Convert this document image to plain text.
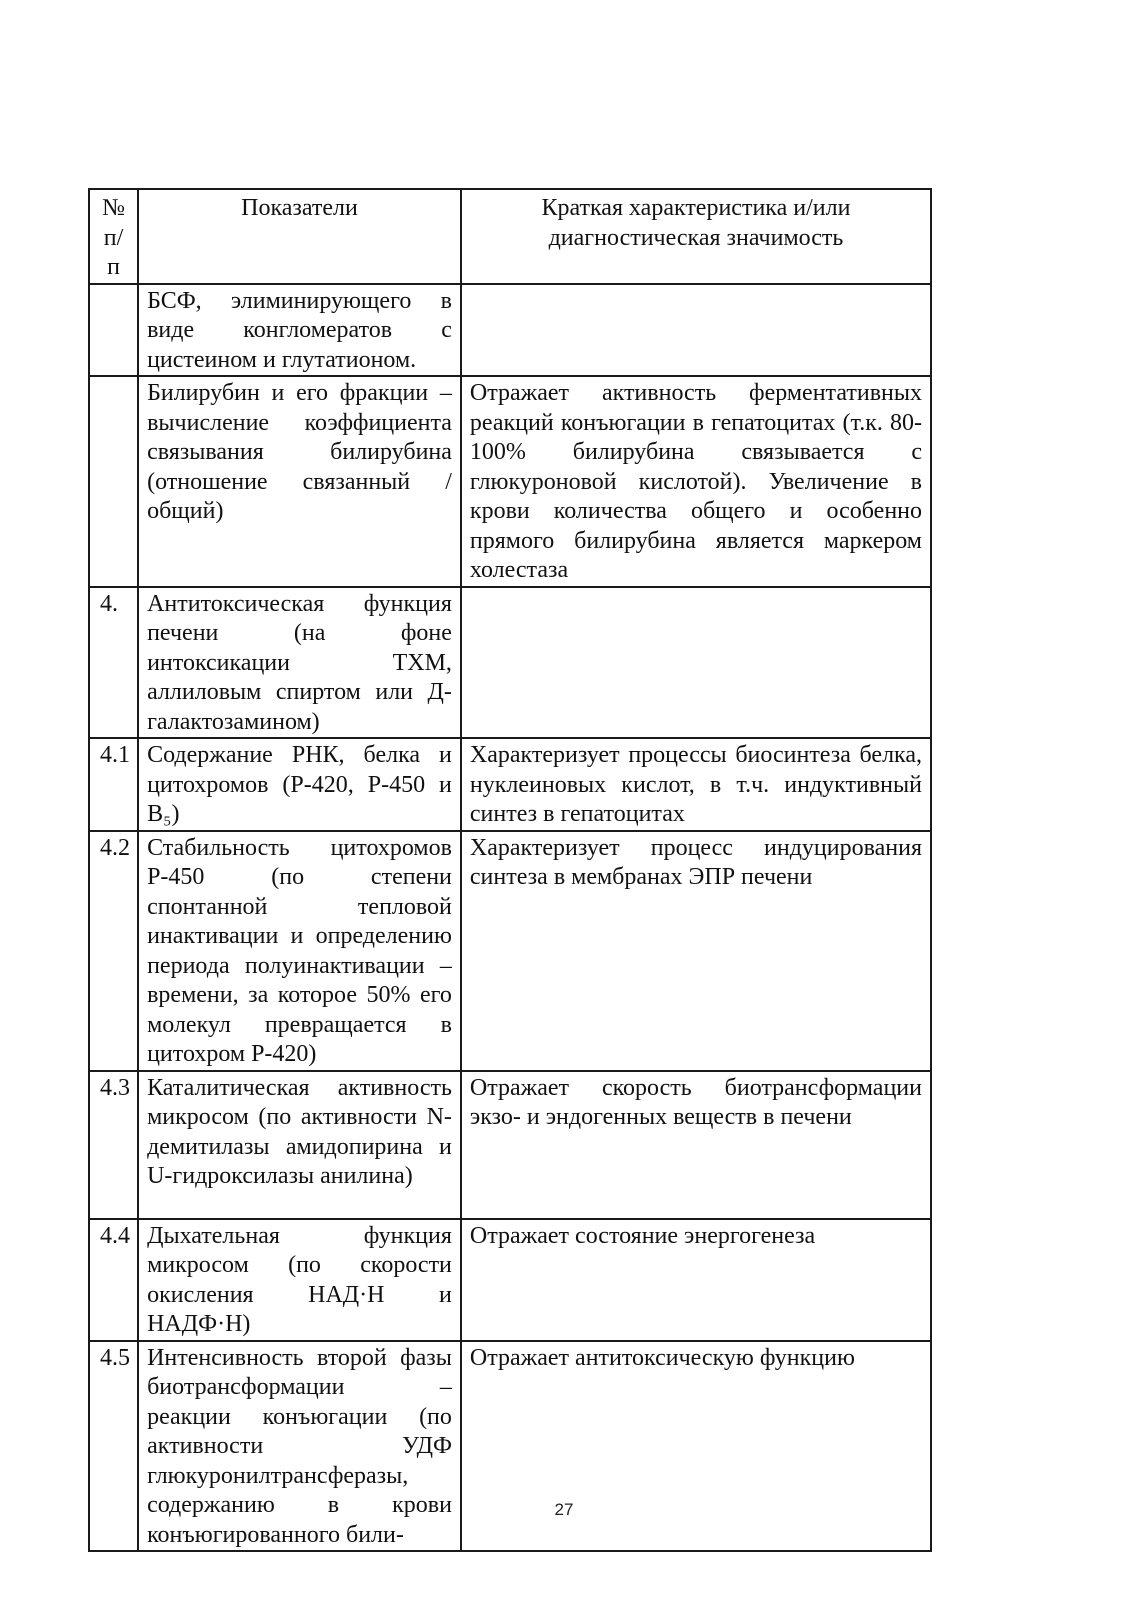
№ п/п	Показатели	Краткая характеристика и/или диагностическая значимость
	БСФ, элиминирующего в виде конгломератов с цистеином и глутатионом.	
	Билирубин и его фракции – вычисление коэффициента связывания билирубина (отношение связанный / общий)	Отражает активность ферментативных реакций конъюгации в гепатоцитах (т.к. 80-100% билирубина связывается с глюкуроновой кислотой). Увеличение в крови количества общего и особенно прямого билирубина является маркером холестаза
4.	Антитоксическая функция печени (на фоне интоксикации ТХМ, аллиловым спиртом или Д-галактозамином)	
4.1	Содержание РНК, белка и цитохромов (Р-420, Р-450 и B₅)	Характеризует процессы биосинтеза белка, нуклеиновых кислот, в т.ч. индуктивный синтез в гепатоцитах
4.2	Стабильность цитохромов Р-450 (по степени спонтанной тепловой инактивации и определению периода полуинактивации – времени, за которое 50% его молекул превращается в цитохром Р-420)	Характеризует процесс индуцирования синтеза в мембранах ЭПР печени
4.3	Каталитическая активность микросом (по активности N-демитилазы амидопирина и U-гидроксилазы анилина)	Отражает скорость биотрансформации экзо- и эндогенных веществ в печени
4.4	Дыхательная функция микросом (по скорости окисления НАД·Н и НАДФ·Н)	Отражает состояние энергогенеза
4.5	Интенсивность второй фазы биотрансформации – реакции конъюгации (по активности УДФ глюкуронилтрансферазы, содержанию в крови конъюгированного били-	Отражает антитоксическую функцию
27
